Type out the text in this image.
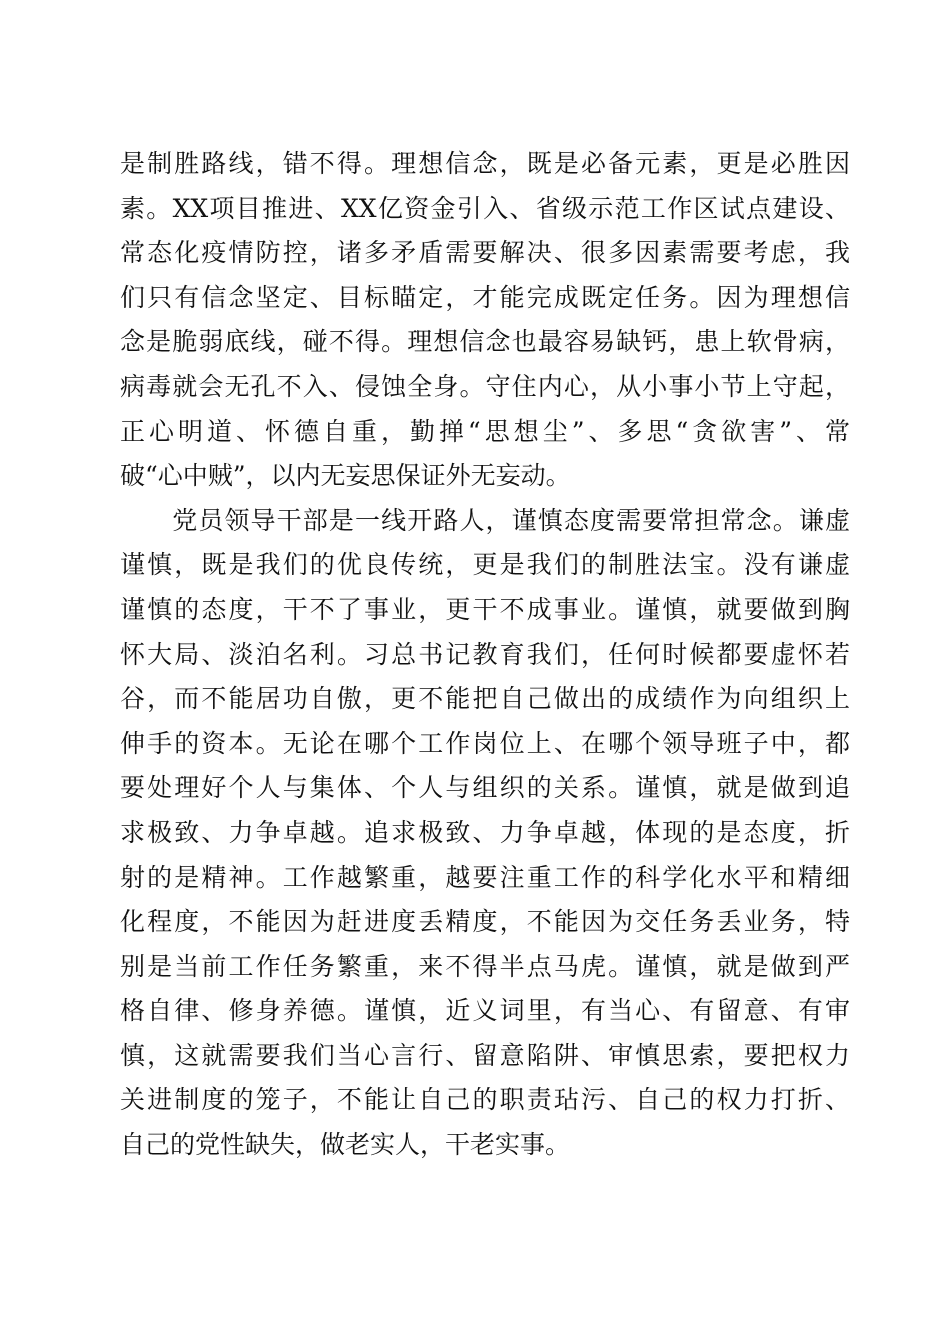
是制胜路线，错不得。理想信念，既是必备元素，更是必胜因
素。XX项目推进、XX亿资金引入、省级示范工作区试点建设、
常态化疫情防控，诸多矛盾需要解决、很多因素需要考虑，我
们只有信念坚定、目标瞄定，才能完成既定任务。因为理想信
念是脆弱底线，碰不得。理想信念也最容易缺钙，患上软骨病，
病毒就会无孔不入、侵蚀全身。守住内心，从小事小节上守起，
正心明道、怀德自重，勤掸“思想尘”、多思“贪欲害”、常
破“心中贼”，以内无妄思保证外无妄动。
　　党员领导干部是一线开路人，谨慎态度需要常担常念。谦虚
谨慎，既是我们的优良传统，更是我们的制胜法宝。没有谦虚
谨慎的态度，干不了事业，更干不成事业。谨慎，就要做到胸
怀大局、淡泊名利。习总书记教育我们，任何时候都要虚怀若
谷，而不能居功自傲，更不能把自己做出的成绩作为向组织上
伸手的资本。无论在哪个工作岗位上、在哪个领导班子中，都
要处理好个人与集体、个人与组织的关系。谨慎，就是做到追
求极致、力争卓越。追求极致、力争卓越，体现的是态度，折
射的是精神。工作越繁重，越要注重工作的科学化水平和精细
化程度，不能因为赶进度丢精度，不能因为交任务丢业务，特
别是当前工作任务繁重，来不得半点马虎。谨慎，就是做到严
格自律、修身养德。谨慎，近义词里，有当心、有留意、有审
慎，这就需要我们当心言行、留意陷阱、审慎思索，要把权力
关进制度的笼子，不能让自己的职责玷污、自己的权力打折、
自己的党性缺失，做老实人，干老实事。
